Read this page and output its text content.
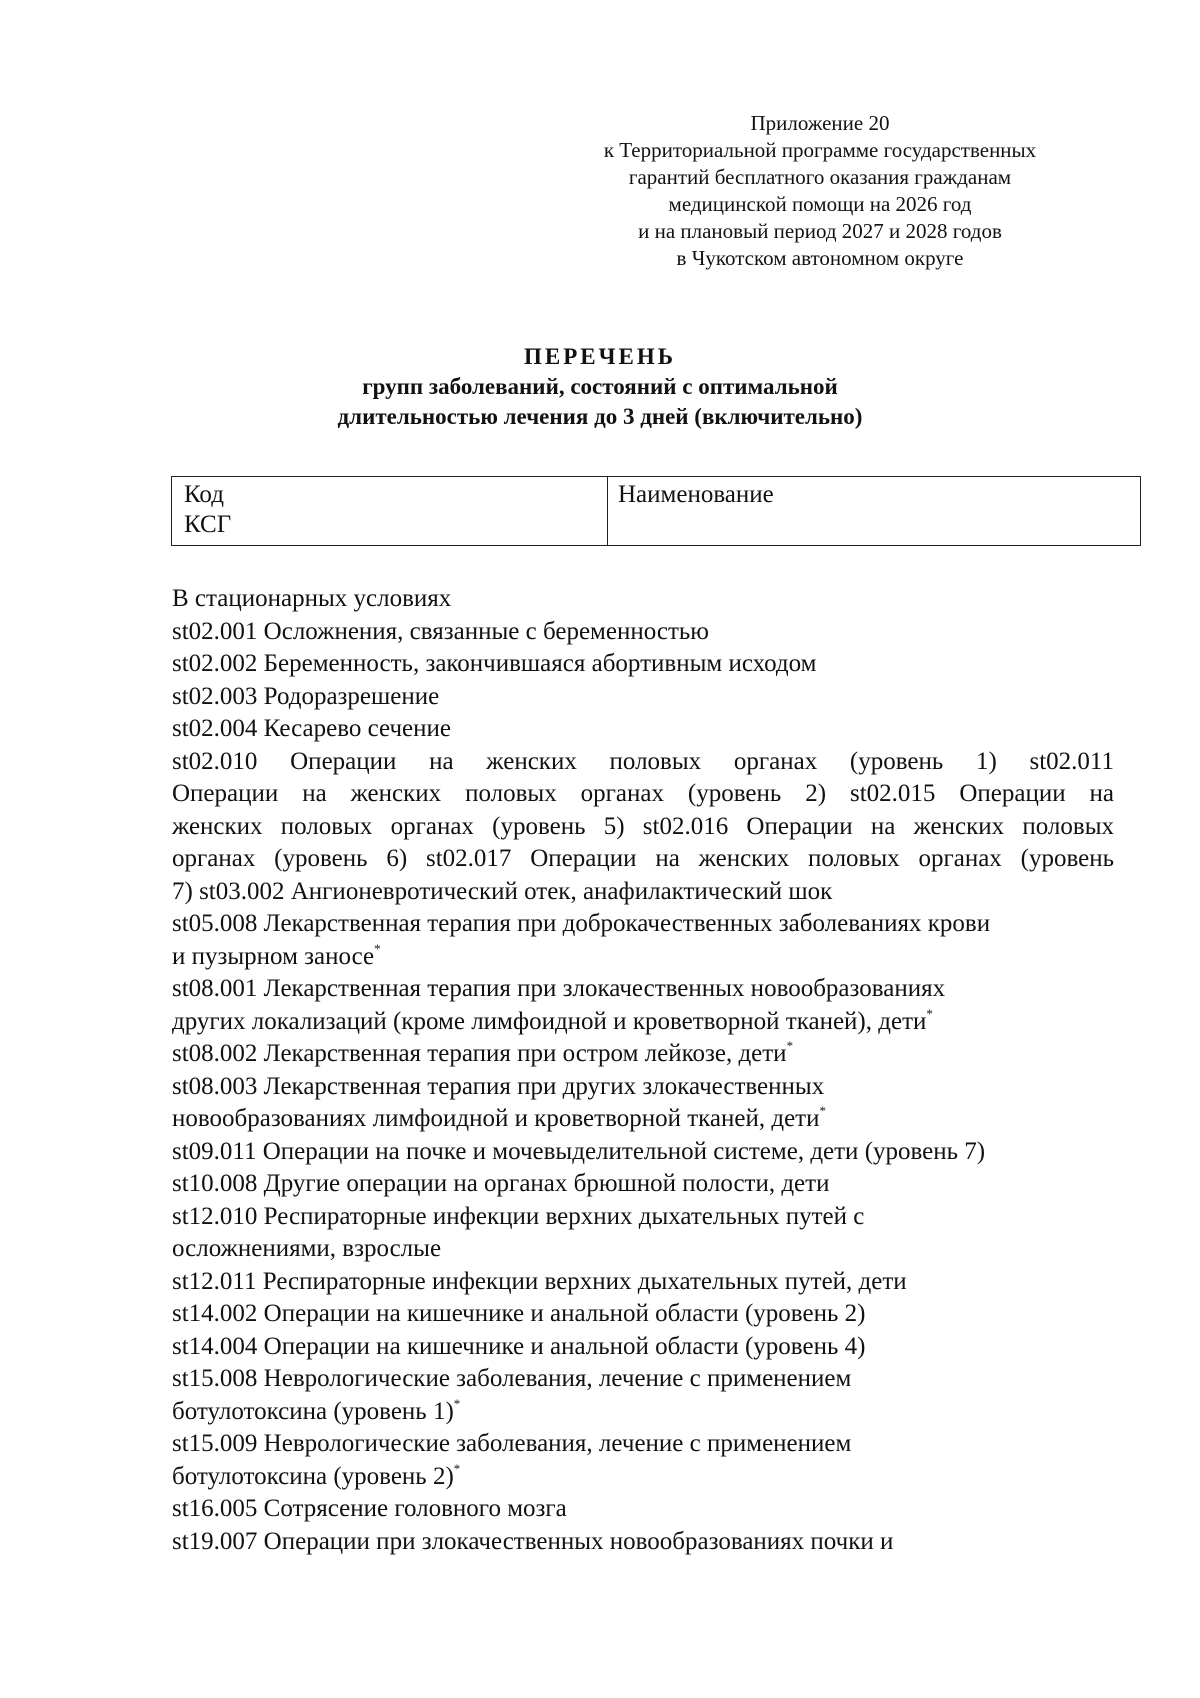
Приложение 20
к Территориальной программе государственных
гарантий бесплатного оказания гражданам
медицинской помощи на 2026 год
и на плановый период 2027 и 2028 годов
в Чукотском автономном округе
ПЕРЕЧЕНЬ
групп заболеваний, состояний с оптимальной
длительностью лечения до 3 дней (включительно)
Код
КСГ
Наименование
В стационарных условиях
st02.001 Осложнения, связанные с беременностью
st02.002 Беременность, закончившаяся абортивным исходом
st02.003 Родоразрешение
st02.004 Кесарево сечение
st02.010 Операции на женских половых органах (уровень 1) st02.011
Операции на женских половых органах (уровень 2) st02.015 Операции на
женских половых органах (уровень 5) st02.016 Операции на женских половых
органах (уровень 6) st02.017 Операции на женских половых органах (уровень
7) st03.002 Ангионевротический отек, анафилактический шок
st05.008 Лекарственная терапия при доброкачественных заболеваниях крови
и пузырном заносе*
st08.001 Лекарственная терапия при злокачественных новообразованиях
других локализаций (кроме лимфоидной и кроветворной тканей), дети*
st08.002 Лекарственная терапия при остром лейкозе, дети*
st08.003 Лекарственная терапия при других злокачественных
новообразованиях лимфоидной и кроветворной тканей, дети*
st09.011 Операции на почке и мочевыделительной системе, дети (уровень 7)
st10.008 Другие операции на органах брюшной полости, дети
st12.010 Респираторные инфекции верхних дыхательных путей с
осложнениями, взрослые
st12.011 Респираторные инфекции верхних дыхательных путей, дети
st14.002 Операции на кишечнике и анальной области (уровень 2)
st14.004 Операции на кишечнике и анальной области (уровень 4)
st15.008 Неврологические заболевания, лечение с применением
ботулотоксина (уровень 1)*
st15.009 Неврологические заболевания, лечение с применением
ботулотоксина (уровень 2)*
st16.005 Сотрясение головного мозга
st19.007 Операции при злокачественных новообразованиях почки и
